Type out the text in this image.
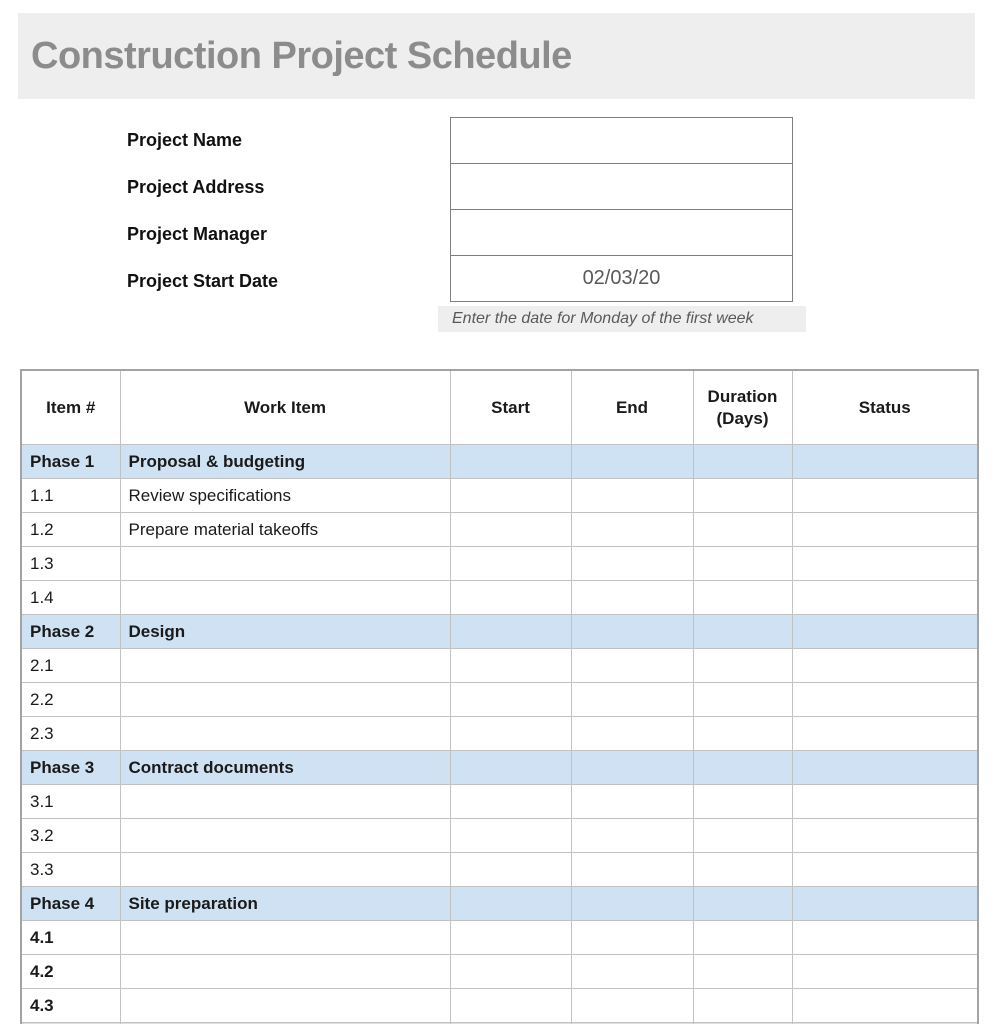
Construction Project Schedule
Project Name
Project Address
Project Manager
Project Start Date	02/03/20
Enter the date for Monday of the first week
Item #	Work Item	Start	End	Duration (Days)	Status
Phase 1	Proposal & budgeting				
1.1	Review specifications				
1.2	Prepare material takeoffs				
1.3					
1.4					
Phase 2	Design				
2.1					
2.2					
2.3					
Phase 3	Contract documents				
3.1					
3.2					
3.3					
Phase 4	Site preparation				
4.1					
4.2					
4.3					
